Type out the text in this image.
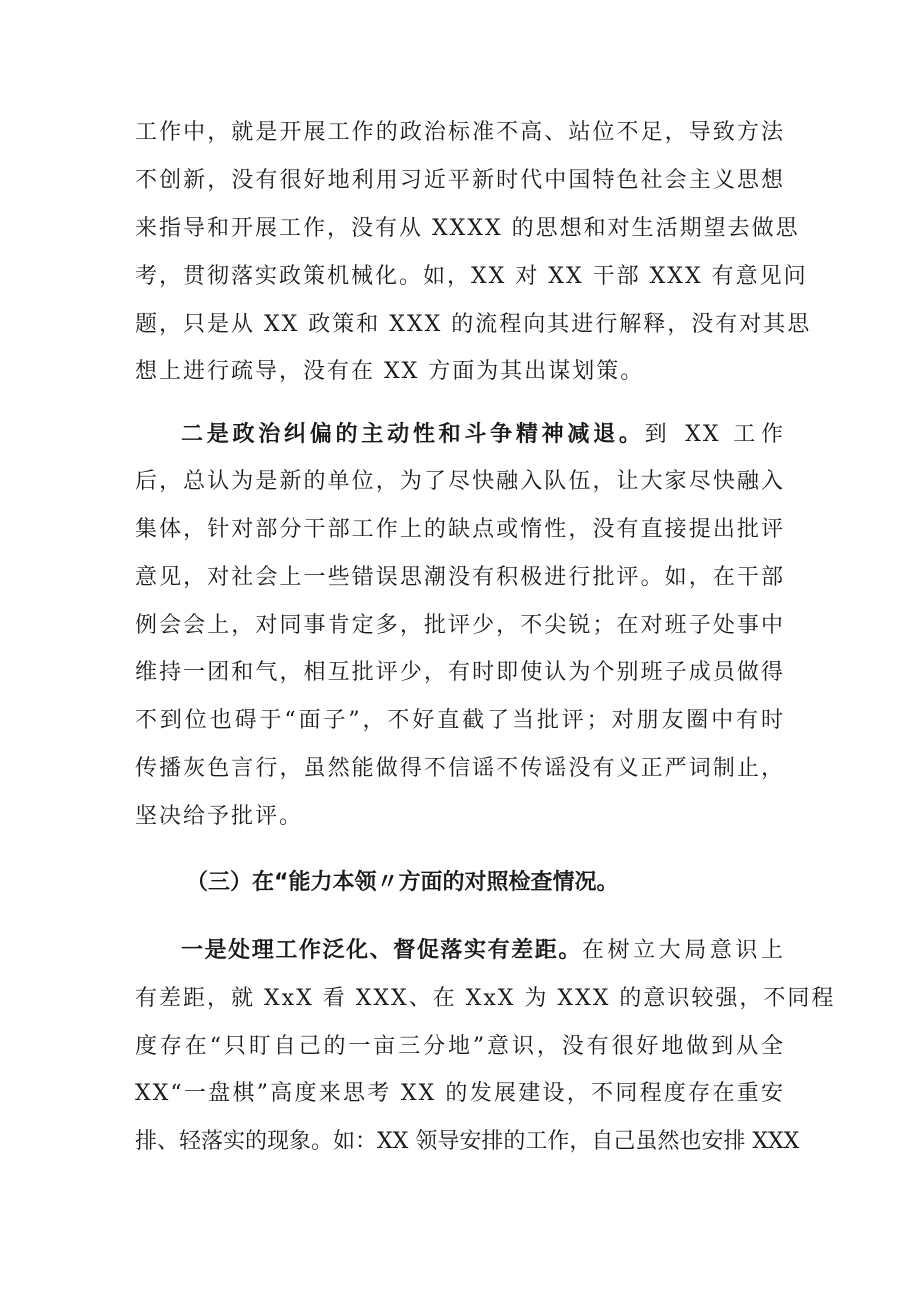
工作中，就是开展工作的政治标准不高、站位不足，导致方法
不创新，没有很好地利用习近平新时代中国特色社会主义思想
来指导和开展工作，没有从 XXXX 的思想和对生活期望去做思
考，贯彻落实政策机械化。如，XX 对 XX 干部 XXX 有意见问
题，只是从 XX 政策和 XXX 的流程向其进行解释，没有对其思
想上进行疏导，没有在 XX 方面为其出谋划策。
二是政治纠偏的主动性和斗争精神减退。到 XX 工作
后，总认为是新的单位，为了尽快融入队伍，让大家尽快融入
集体，针对部分干部工作上的缺点或惰性，没有直接提出批评
意见，对社会上一些错误思潮没有积极进行批评。如，在干部
例会会上，对同事肯定多，批评少，不尖锐；在对班子处事中
维持一团和气，相互批评少，有时即使认为个别班子成员做得
不到位也碍于“面子”，不好直截了当批评；对朋友圈中有时
传播灰色言行，虽然能做得不信谣不传谣没有义正严词制止，
坚决给予批评。
（三）在“能力本领〃方面的对照检查情况。
一是处理工作泛化、督促落实有差距。在树立大局意识上
有差距，就 XxX 看 XXX、在 XxX 为 XXX 的意识较强，不同程
度存在“只盯自己的一亩三分地”意识，没有很好地做到从全
XX“一盘棋”高度来思考 XX 的发展建设，不同程度存在重安
排、轻落实的现象。如：XX 领导安排的工作，自己虽然也安排 XXX
